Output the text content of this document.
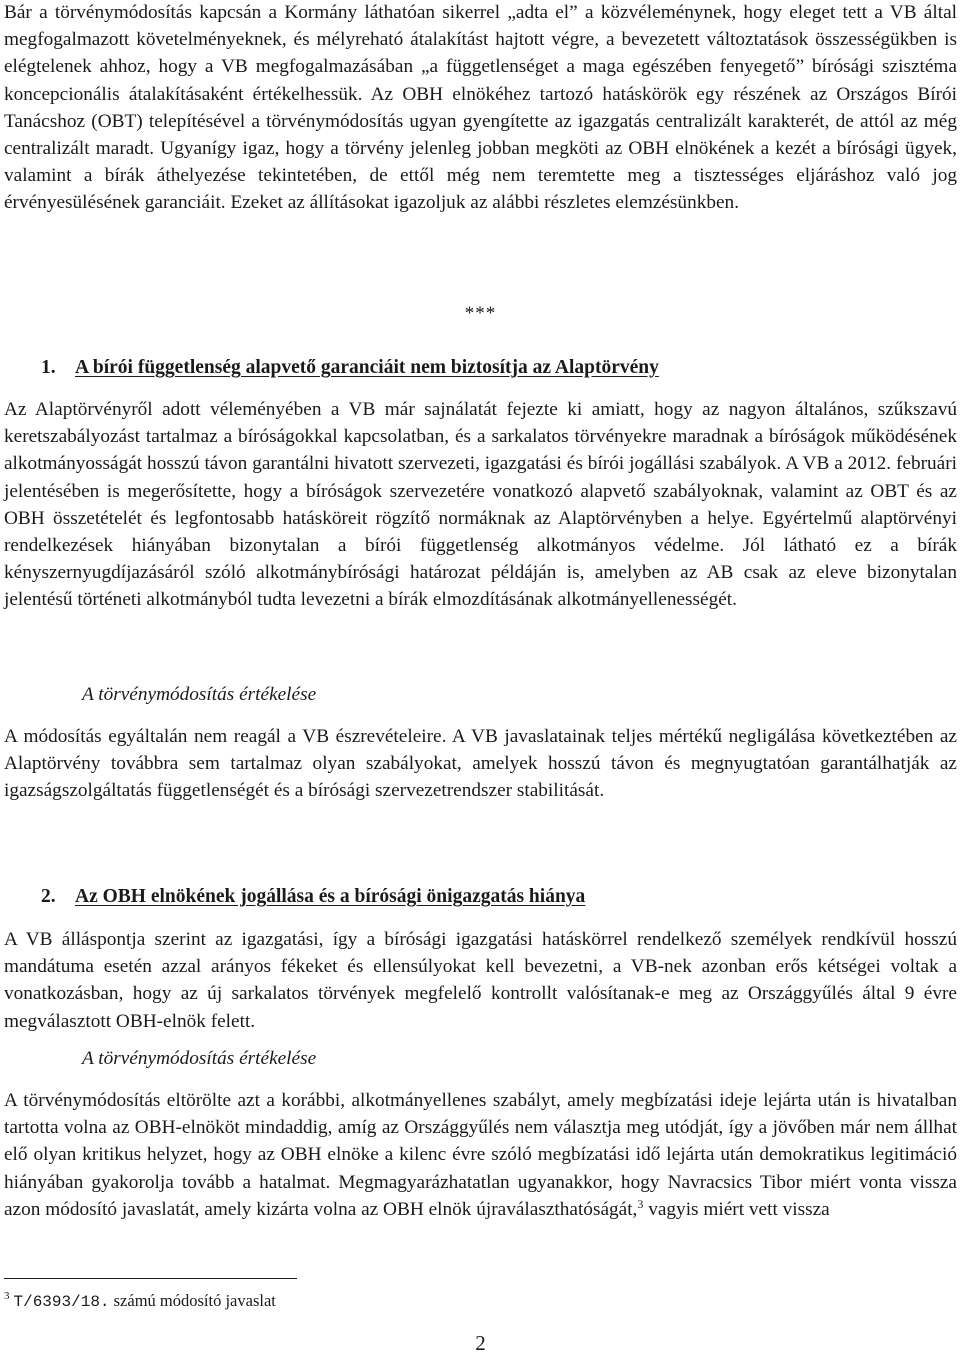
Bár a törvénymódosítás kapcsán a Kormány láthatóan sikerrel „adta el” a közvéleménynek, hogy eleget tett a VB által megfogalmazott követelményeknek, és mélyreható átalakítást hajtott végre, a bevezetett változtatások összességükben is elégtelenek ahhoz, hogy a VB megfogalmazásában „a függetlenséget a maga egészében fenyegető” bírósági szisztéma koncepcionális átalakításaként értékelhessük. Az OBH elnökéhez tartozó hatáskörök egy részének az Országos Bírói Tanácshoz (OBT) telepítésével a törvénymódosítás ugyan gyengítette az igazgatás centralizált karakterét, de attól az még centralizált maradt. Ugyanígy igaz, hogy a törvény jelenleg jobban megköti az OBH elnökének a kezét a bírósági ügyek, valamint a bírák áthelyezése tekintetében, de ettől még nem teremtette meg a tisztességes eljáráshoz való jog érvényesülésének garanciáit. Ezeket az állításokat igazoljuk az alábbi részletes elemzésünkben.

***
1. A bírói függetlenség alapvető garanciáit nem biztosítja az Alaptörvény

Az Alaptörvényről adott véleményében a VB már sajnálatát fejezte ki amiatt, hogy az nagyon általános, szűkszavú keretszabályozást tartalmaz a bíróságokkal kapcsolatban, és a sarkalatos törvényekre maradnak a bíróságok működésének alkotmányosságát hosszú távon garantálni hivatott szervezeti, igazgatási és bírói jogállási szabályok. A VB a 2012. februári jelentésében is megerősítette, hogy a bíróságok szervezetére vonatkozó alapvető szabályoknak, valamint az OBT és az OBH összetételét és legfontosabb hatásköreit rögzítő normáknak az Alaptörvényben a helye. Egyértelmű alaptörvényi rendelkezések hiányában bizonytalan a bírói függetlenség alkotmányos védelme. Jól látható ez a bírák kényszernyugdíjazásáról szóló alkotmánybírósági határozat példáján is, amelyben az AB csak az eleve bizonytalan jelentésű történeti alkotmányból tudta levezetni a bírák elmozdításának alkotmányellenességét.

A törvénymódosítás értékelése

A módosítás egyáltalán nem reagál a VB észrevételeire. A VB javaslatainak teljes mértékű negligálása következtében az Alaptörvény továbbra sem tartalmaz olyan szabályokat, amelyek hosszú távon és megnyugtatóan garantálhatják az igazságszolgáltatás függetlenségét és a bírósági szervezetrendszer stabilitását.

2. Az OBH elnökének jogállása és a bírósági önigazgatás hiánya

A VB álláspontja szerint az igazgatási, így a bírósági igazgatási hatáskörrel rendelkező személyek rendkívül hosszú mandátuma esetén azzal arányos fékeket és ellensúlyokat kell bevezetni, a VB-nek azonban erős kétségei voltak a vonatkozásban, hogy az új sarkalatos törvények megfelelő kontrollt valósítanak-e meg az Országgyűlés által 9 évre megválasztott OBH-elnök felett.

A törvénymódosítás értékelése

A törvénymódosítás eltörölte azt a korábbi, alkotmányellenes szabályt, amely megbízatási ideje lejárta után is hivatalban tartotta volna az OBH-elnököt mindaddig, amíg az Országgyűlés nem választja meg utódját, így a jövőben már nem állhat elő olyan kritikus helyzet, hogy az OBH elnöke a kilenc évre szóló megbízatási idő lejárta után demokratikus legitimáció hiányában gyakorolja tovább a hatalmat. Megmagyarázhatatlan ugyanakkor, hogy Navracsics Tibor miért vonta vissza azon módosító javaslatát, amely kizárta volna az OBH elnök újraválaszthatóságát,$^3$ vagyis miért vett vissza

$^3$ T/6393/18. számú módosító javaslat
2
